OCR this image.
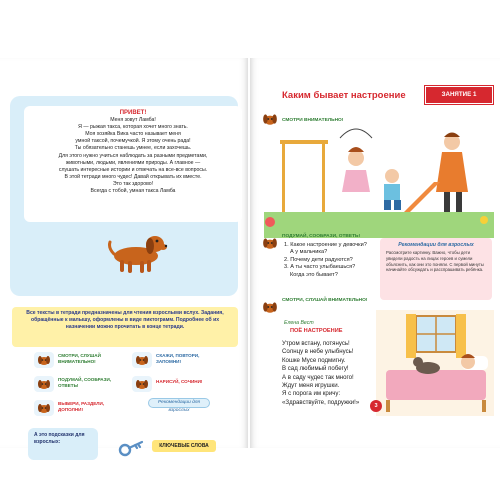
ПРИВЕТ!
Меня зовут Ламба!
Я — рыжая такса, которая хочет много знать.
Моя хозяйка Вика часто называет меня
умной таксой, почемучкой. Я этому очень рада!
Ты обязательно станешь умнее, если захочешь.
Для этого нужно учиться наблюдать за разными предметами,
животными, людьми, явлениями природы. А главное —
слушать интересные истории и отвечать на все-все вопросы.
В этой тетради много чудес! Давай открывать их вместе.
Это так здорово!
Всегда с тобой, умная такса Ламба
Все тексты в тетради предназначены для чтения взрослыми вслух. Задания, обращённые к малышу, оформлены в виде пиктограмм. Подробнее об их назначении можно прочитать в конце тетради.
СМОТРИ, СЛУШАЙ ВНИМАТЕЛЬНО!
СКАЖИ, ПОВТОРИ, ЗАПОМНИ!
ПОДУМАЙ, СООБРАЗИ, ОТВЕТЬ!
НАРИСУЙ, СОЧИНИ!
ВЫБЕРИ, РАЗДЕЛИ, ДОПОЛНИ!
Рекомендации для взрослых
А это подсказки для взрослых:
КЛЮЧЕВЫЕ СЛОВА
Каким бывает настроение	ЗАНЯТИЕ 1
СМОТРИ ВНИМАТЕЛЬНО!
ПОДУМАЙ, СООБРАЗИ, ОТВЕТЬ!
1. Какое настроение у девочки?
А у мальчика?
2. Почему дети радуются?
3. А ты часто улыбаешься?
Когда это бывает?
Рекомендации для взрослых
Рассмотрите картинку. Важно, чтобы дети увидели радость на лицах героев и сумели объяснить, как они это поняли. С первой минуты начинайте обсуждать и расспрашивать ребёнка.
СМОТРИ, СЛУШАЙ ВНИМАТЕЛЬНО!
Елена Вест
ПОЁ НАСТРОЕНИЕ
Утром встану, потянусь!
Солнцу в небе улыбнусь!
Кошке Мусе подмигну.
В сад любимый побегу!
А в саду чудес так много!
Ждут меня игрушки.
Я с порога им кричу:
«Здравствуйте, подружки!»
3
